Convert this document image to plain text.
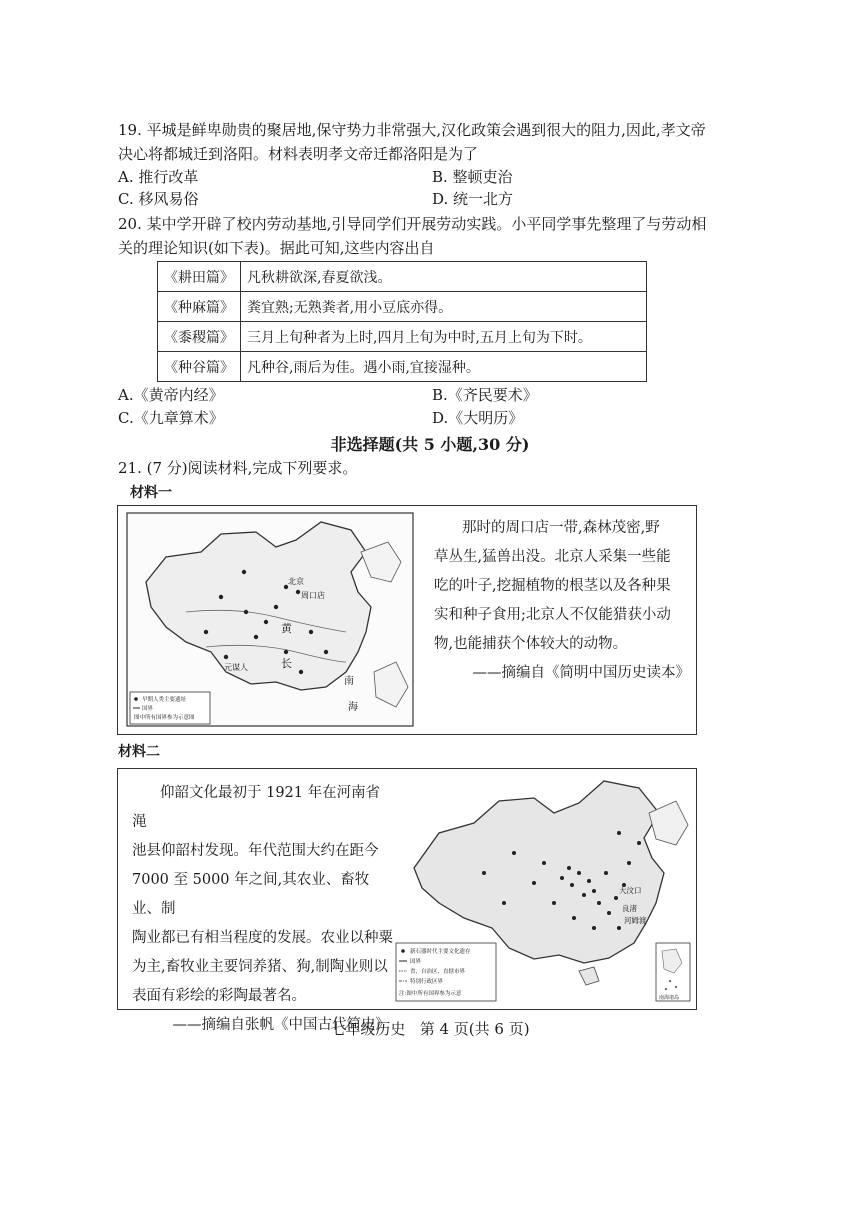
19. 平城是鲜卑勋贵的聚居地,保守势力非常强大,汉化政策会遇到很大的阻力,因此,孝文帝
决心将都城迁到洛阳。材料表明孝文帝迁都洛阳是为了
A. 推行改革	B. 整顿吏治
C. 移风易俗	D. 统一北方
20. 某中学开辟了校内劳动基地,引导同学们开展劳动实践。小平同学事先整理了与劳动相
关的理论知识(如下表)。据此可知,这些内容出自
《耕田篇》	凡秋耕欲深,春夏欲浅。
《种麻篇》	粪宜熟;无熟粪者,用小豆底亦得。
《黍稷篇》	三月上旬种者为上时,四月上旬为中时,五月上旬为下时。
《种谷篇》	凡种谷,雨后为佳。遇小雨,宜接湿种。
A.《黄帝内经》	B.《齐民要术》
C.《九章算术》	D.《大明历》
非选择题(共 5 小题,30 分)
21. (7 分)阅读材料,完成下列要求。
材料一
北京
周口店
黄
长
元谋人
南
海
早期人类主要遗址
国界
图中所有国界参为示意图
那时的周口店一带,森林茂密,野
草丛生,猛兽出没。北京人采集一些能
吃的叶子,挖掘植物的根茎以及各种果
实和种子食用;北京人不仅能猎获小动
物,也能捕获个体较大的动物。
——摘编自《简明中国历史读本》
材料二
仰韶文化最初于 1921 年在河南省渑
池县仰韶村发现。年代范围大约在距今
7000 至 5000 年之间,其农业、畜牧业、制
陶业都已有相当程度的发展。农业以种粟
为主,畜牧业主要饲养猪、狗,制陶业则以
表面有彩绘的彩陶最著名。
——摘编自张帆《中国古代简史》
大汶口
河姆渡
良渚
南海诸岛
新石器时代主要文化遗存
国界
省、自治区、直辖市界
特别行政区界
注:图中所有国界参为示意
七年级历史   第 4 页(共 6 页)
